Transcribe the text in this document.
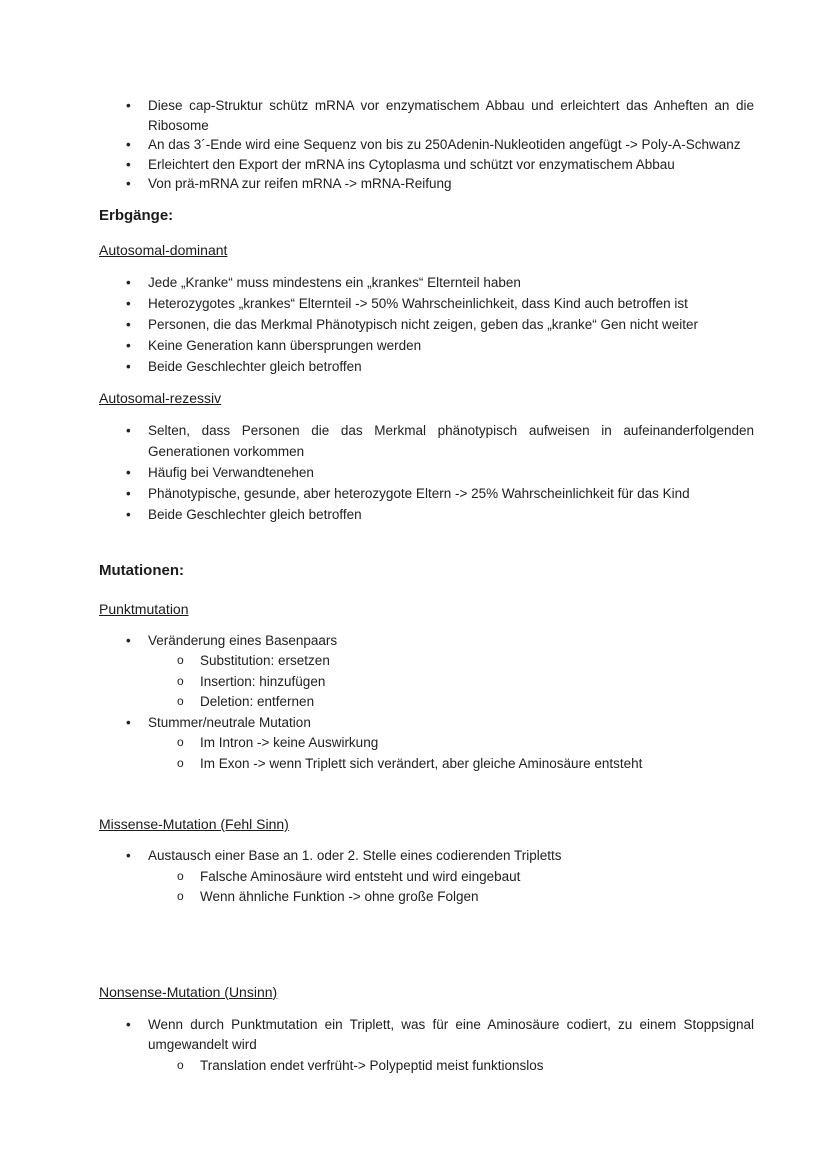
• Diese cap-Struktur schütz mRNA vor enzymatischem Abbau und erleichtert das Anheften an die Ribosome
• An das 3´-Ende wird eine Sequenz von bis zu 250Adenin-Nukleotiden angefügt -> Poly-A-Schwanz
• Erleichtert den Export der mRNA ins Cytoplasma und schützt vor enzymatischem Abbau
• Von prä-mRNA zur reifen mRNA -> mRNA-Reifung
Erbgänge:
Autosomal-dominant
• Jede „Kranke“ muss mindestens ein „krankes“ Elternteil haben
• Heterozygotes „krankes“ Elternteil -> 50% Wahrscheinlichkeit, dass Kind auch betroffen ist
• Personen, die das Merkmal Phänotypisch nicht zeigen, geben das „kranke“ Gen nicht weiter
• Keine Generation kann übersprungen werden
• Beide Geschlechter gleich betroffen
Autosomal-rezessiv
• Selten, dass Personen die das Merkmal phänotypisch aufweisen in aufeinanderfolgenden Generationen vorkommen
• Häufig bei Verwandtenehen
• Phänotypische, gesunde, aber heterozygote Eltern -> 25% Wahrscheinlichkeit für das Kind
• Beide Geschlechter gleich betroffen
Mutationen:
Punktmutation
• Veränderung eines Basenpaars
o Substitution: ersetzen
o Insertion: hinzufügen
o Deletion: entfernen
• Stummer/neutrale Mutation
o Im Intron -> keine Auswirkung
o Im Exon -> wenn Triplett sich verändert, aber gleiche Aminosäure entsteht
Missense-Mutation (Fehl Sinn)
• Austausch einer Base an 1. oder 2. Stelle eines codierenden Tripletts
o Falsche Aminosäure wird entsteht und wird eingebaut
o Wenn ähnliche Funktion -> ohne große Folgen
Nonsense-Mutation (Unsinn)
• Wenn durch Punktmutation ein Triplett, was für eine Aminosäure codiert, zu einem Stoppsignal umgewandelt wird
o Translation endet verfrüht-> Polypeptid meist funktionslos
